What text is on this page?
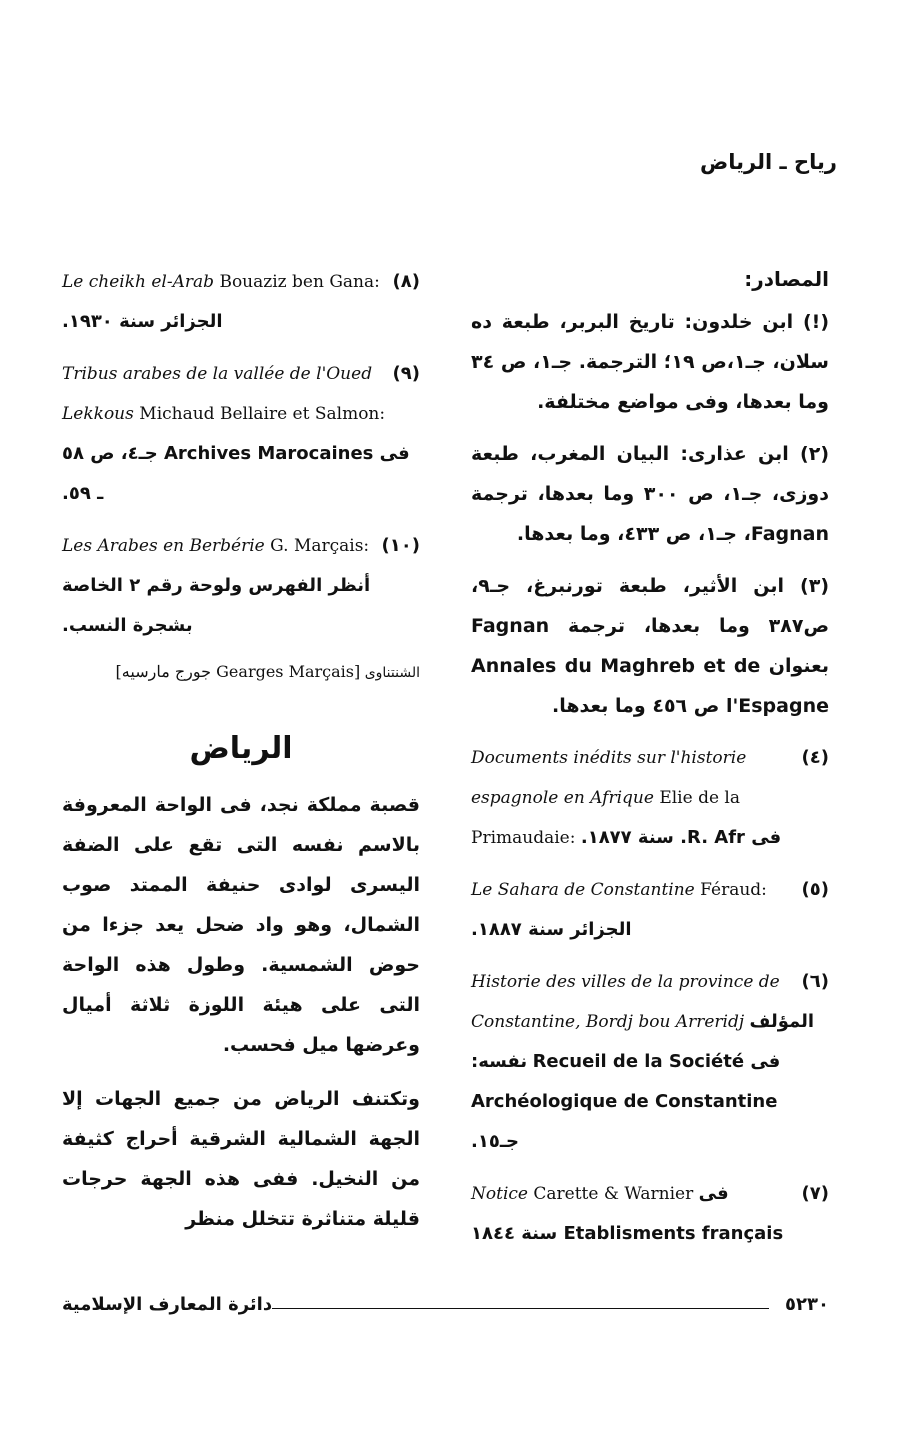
رياح ـ الرياض
المصادر:
(!) ابن خلدون: تاريخ البربر، طبعة ده سلان، جـ١،ص ١٩؛ الترجمة. جـ١، ص ٣٤ وما بعدها، وفى مواضع مختلفة.
(٢) ابن عذارى: البيان المغرب، طبعة دوزى، جـ١، ص ٣٠٠ وما بعدها، ترجمة Fagnan، جـ١، ص ٤٣٣، وما بعدها.
(٣) ابن الأثير، طبعة تورنبرغ، جـ٩، ص٣٨٧ وما بعدها، ترجمة Fagnan بعنوان Annales du Maghreb et de l'Espagne ص ٤٥٦ وما بعدها.
(٤)
Documents inédits sur l'historie espagnole en Afrique Elie de la Primaudaie: فى R. Afr. سنة ١٨٧٧.
(٥)
Le Sahara de Constantine Féraud: الجزائر سنة ١٨٨٧.
(٦)
Historie des villes de la province de Constantine, Bordj bou Arreridj المؤلف نفسه: فى Recueil de la Société Archéologique de Constantine جـ١٥.
(٧)
Notice Carette & Warnier فى Etablisments français سنة ١٨٤٤
(٨)
Le cheikh el-Arab Bouaziz ben Gana: الجزائر سنة ١٩٣٠.
(٩)
Tribus arabes de la vallée de l'Oued Lekkous Michaud Bellaire et Salmon: فى Archives Marocaines جـ٤، ص ٥٨ ـ ٥٩.
(١٠)
Les Arabes en Berbérie G. Marçais: أنظر الفهرس ولوحة رقم ٢ الخاصة بشجرة النسب.
الشنتناوى [جورج مارسيه Gearges Marçais]
الرياض
قصبة مملكة نجد، فى الواحة المعروفة بالاسم نفسه التى تقع على الضفة اليسرى لوادى حنيفة الممتد صوب الشمال، وهو واد ضحل يعد جزءا من حوض الشمسية. وطول هذه الواحة التى على هيئة اللوزة ثلاثة أميال وعرضها ميل فحسب.
وتكتنف الرياض من جميع الجهات إلا الجهة الشمالية الشرقية أحراج كثيفة من النخيل. ففى هذه الجهة حرجات قليلة متناثرة تتخلل منظر
دائرة المعارف الإسلامية	٥٢٣٠
